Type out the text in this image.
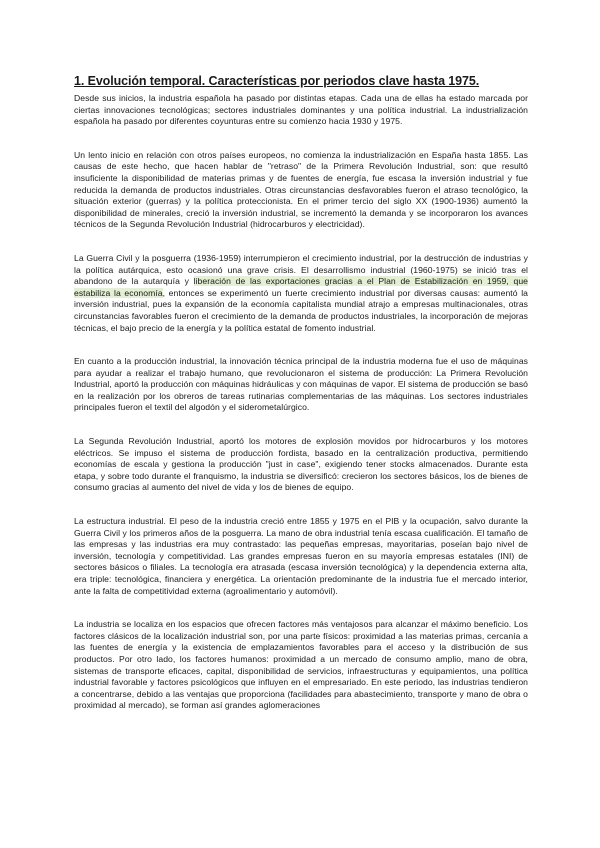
1. Evolución temporal. Características por periodos clave hasta 1975.

Desde sus inicios, la industria española ha pasado por distintas etapas. Cada una de ellas ha estado marcada por ciertas innovaciones tecnológicas; sectores industriales dominantes y una política industrial. La industrialización española ha pasado por diferentes coyunturas entre su comienzo hacia 1930 y 1975.

Un lento inicio en relación con otros países europeos, no comienza la industrialización en España hasta 1855. Las causas de este hecho, que hacen hablar de "retraso" de la Primera Revolución Industrial, son: que resultó insuficiente la disponibilidad de materias primas y de fuentes de energía, fue escasa la inversión industrial y fue reducida la demanda de productos industriales. Otras circunstancias desfavorables fueron el atraso tecnológico, la situación exterior (guerras) y la política proteccionista. En el primer tercio del siglo XX (1900-1936) aumentó la disponibilidad de minerales, creció la inversión industrial, se incrementó la demanda y se incorporaron los avances técnicos de la Segunda Revolución Industrial (hidrocarburos y electricidad).

La Guerra Civil y la posguerra (1936-1959) interrumpieron el crecimiento industrial, por la destrucción de industrias y la política autárquica, esto ocasionó una grave crisis. El desarrollismo industrial (1960-1975) se inició tras el abandono de la autarquía y liberación de las exportaciones gracias a el Plan de Estabilización en 1959, que estabiliza la economía, entonces se experimentó un fuerte crecimiento industrial por diversas causas: aumentó la inversión industrial, pues la expansión de la economía capitalista mundial atrajo a empresas multinacionales, otras circunstancias favorables fueron el crecimiento de la demanda de productos industriales, la incorporación de mejoras técnicas, el bajo precio de la energía y la política estatal de fomento industrial.

En cuanto a la producción industrial, la innovación técnica principal de la industria moderna fue el uso de máquinas para ayudar a realizar el trabajo humano, que revolucionaron el sistema de producción: La Primera Revolución Industrial, aportó la producción con máquinas hidráulicas y con máquinas de vapor. El sistema de producción se basó en la realización por los obreros de tareas rutinarias complementarias de las máquinas. Los sectores industriales principales fueron el textil del algodón y el siderometalúrgico.

La Segunda Revolución Industrial, aportó los motores de explosión movidos por hidrocarburos y los motores eléctricos. Se impuso el sistema de producción fordista, basado en la centralización productiva, permitiendo economías de escala y gestiona la producción "just in case", exigiendo tener stocks almacenados. Durante esta etapa, y sobre todo durante el franquismo, la industria se diversificó: crecieron los sectores básicos, los de bienes de consumo gracias al aumento del nivel de vida y los de bienes de equipo.

La estructura industrial. El peso de la industria creció entre 1855 y 1975 en el PIB y la ocupación, salvo durante la Guerra Civil y los primeros años de la posguerra. La mano de obra industrial tenía escasa cualificación. El tamaño de las empresas y las industrias era muy contrastado: las pequeñas empresas, mayoritarias, poseían bajo nivel de inversión, tecnología y competitividad. Las grandes empresas fueron en su mayoría empresas estatales (INI) de sectores básicos o filiales. La tecnología era atrasada (escasa inversión tecnológica) y la dependencia externa alta, era triple: tecnológica, financiera y energética. La orientación predominante de la industria fue el mercado interior, ante la falta de competitividad externa (agroalimentario y automóvil).

La industria se localiza en los espacios que ofrecen factores más ventajosos para alcanzar el máximo beneficio. Los factores clásicos de la localización industrial son, por una parte físicos: proximidad a las materias primas, cercanía a las fuentes de energía y la existencia de emplazamientos favorables para el acceso y la distribución de sus productos. Por otro lado, los factores humanos: proximidad a un mercado de consumo amplio, mano de obra, sistemas de transporte eficaces, capital, disponibilidad de servicios, infraestructuras y equipamientos, una política industrial favorable y factores psicológicos que influyen en el empresariado. En este periodo, las industrias tendieron a concentrarse, debido a las ventajas que proporciona (facilidades para abastecimiento, transporte y mano de obra o proximidad al mercado), se forman así grandes aglomeraciones
